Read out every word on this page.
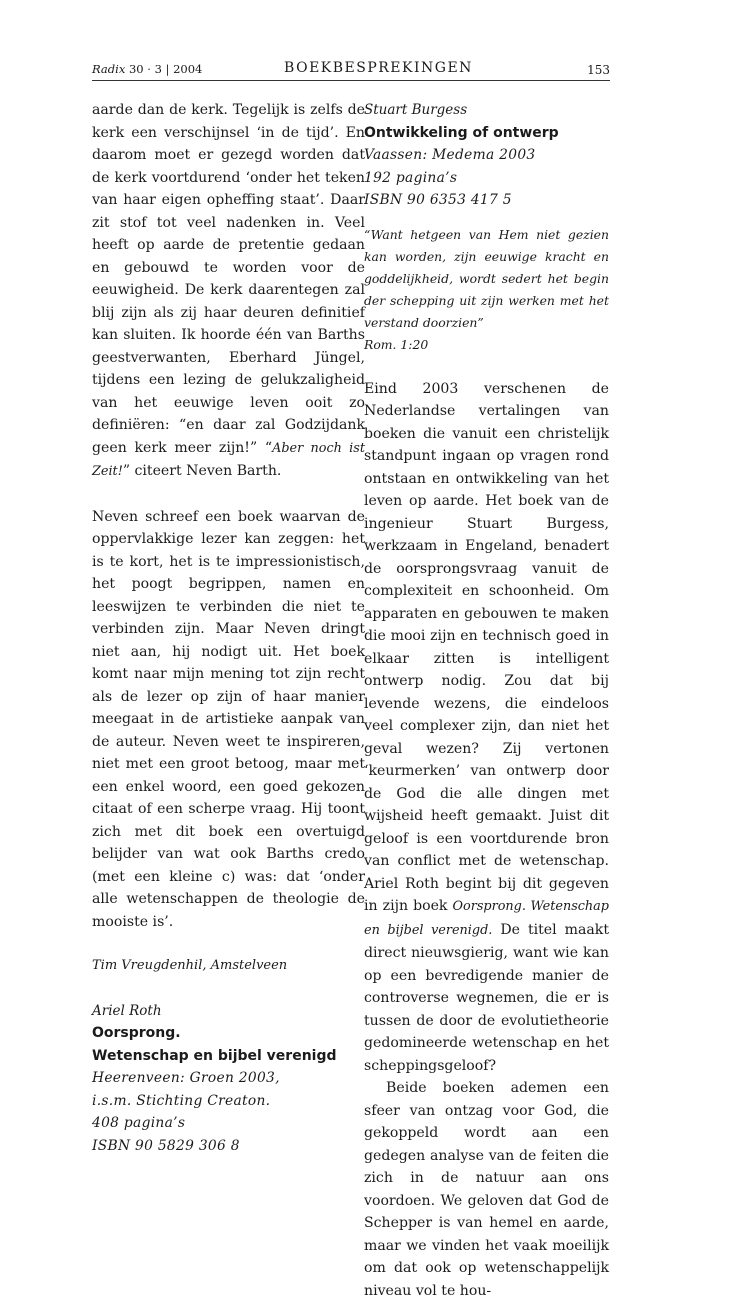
Radix 30 · 3 | 2004	BOEKBESPREKINGEN	153

aarde dan de kerk. Tegelijk is zelfs de kerk een verschijnsel ‘in de tijd’. En daarom moet er gezegd worden dat de kerk voortdurend ‘onder het teken van haar eigen opheffing staat’. Daar zit stof tot veel nadenken in. Veel heeft op aarde de pretentie gedaan en gebouwd te worden voor de eeuwigheid. De kerk daarentegen zal blij zijn als zij haar deuren definitief kan sluiten. Ik hoorde één van Barths geestverwanten, Eberhard Jüngel, tijdens een lezing de gelukzaligheid van het eeuwige leven ooit zo definiëren: “en daar zal Godzijdank geen kerk meer zijn!” “Aber noch ist Zeit!” citeert Neven Barth.

Neven schreef een boek waarvan de oppervlakkige lezer kan zeggen: het is te kort, het is te impressionistisch, het poogt begrippen, namen en leeswijzen te verbinden die niet te verbinden zijn. Maar Neven dringt niet aan, hij nodigt uit. Het boek komt naar mijn mening tot zijn recht als de lezer op zijn of haar manier meegaat in de artistieke aanpak van de auteur. Neven weet te inspireren, niet met een groot betoog, maar met een enkel woord, een goed gekozen citaat of een scherpe vraag. Hij toont zich met dit boek een overtuigd belijder van wat ook Barths credo (met een kleine c) was: dat ‘onder alle wetenschappen de theologie de mooiste is’.

Tim Vreugdenhil, Amstelveen

Ariel Roth

Oorsprong.

Wetenschap en bijbel verenigd

Heerenveen: Groen 2003,

i.s.m. Stichting Creaton.

408 pagina’s

ISBN 90 5829 306 8

Stuart Burgess

Ontwikkeling of ontwerp

Vaassen: Medema 2003

192 pagina’s

ISBN 90 6353 417 5

“Want hetgeen van Hem niet gezien kan worden, zijn eeuwige kracht en goddelijkheid, wordt sedert het begin der schepping uit zijn werken met het verstand doorzien”

Rom. 1:20

Eind 2003 verschenen de Nederlandse vertalingen van boeken die vanuit een christelijk standpunt ingaan op vragen rond ontstaan en ontwikkeling van het leven op aarde. Het boek van de ingenieur Stuart Burgess, werkzaam in Engeland, benadert de oorsprongsvraag vanuit de complexiteit en schoonheid. Om apparaten en gebouwen te maken die mooi zijn en technisch goed in elkaar zitten is intelligent ontwerp nodig. Zou dat bij levende wezens, die eindeloos veel complexer zijn, dan niet het geval wezen? Zij vertonen ‘keurmerken’ van ontwerp door de God die alle dingen met wijsheid heeft gemaakt. Juist dit geloof is een voortdurende bron van conflict met de wetenschap. Ariel Roth begint bij dit gegeven in zijn boek Oorsprong. Wetenschap en bijbel verenigd. De titel maakt direct nieuwsgierig, want wie kan op een bevredigende manier de controverse wegnemen, die er is tussen de door de evolutietheorie gedomineerde wetenschap en het scheppingsgeloof?

Beide boeken ademen een sfeer van ontzag voor God, die gekoppeld wordt aan een gedegen analyse van de feiten die zich in de natuur aan ons voordoen. We geloven dat God de Schepper is van hemel en aarde, maar we vinden het vaak moeilijk om dat ook op wetenschappelijk niveau vol te hou-
